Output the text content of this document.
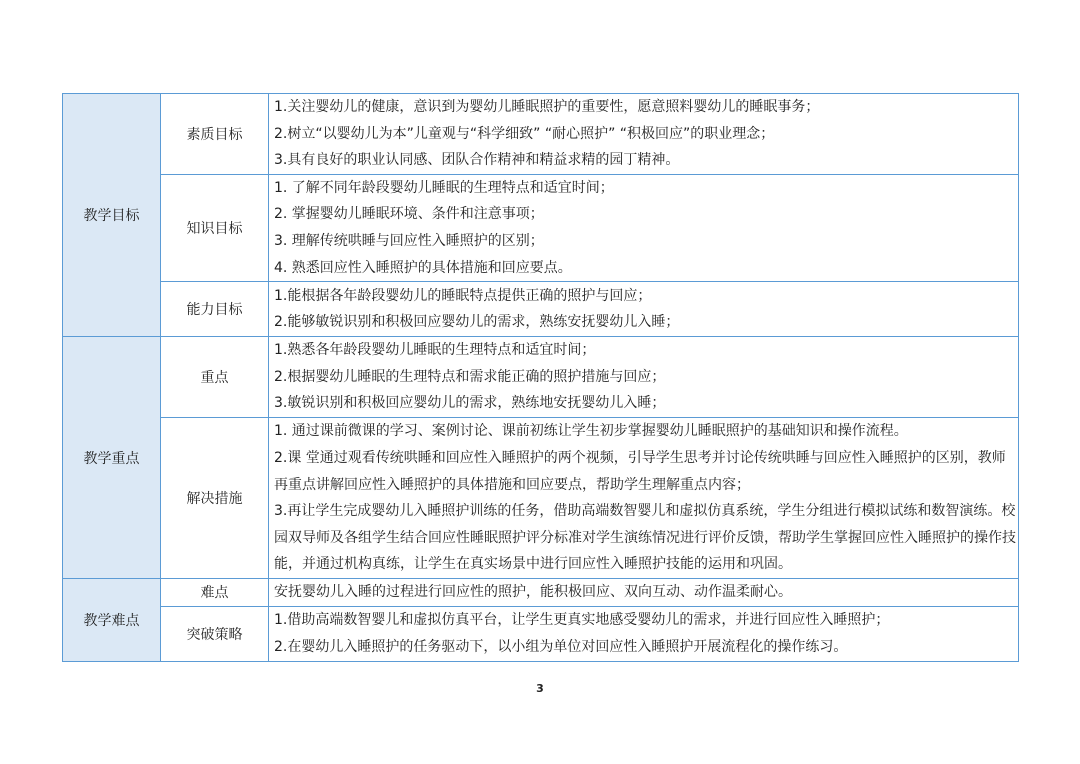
教学目标	素质目标	1.关注婴幼儿的健康，意识到为婴幼儿睡眠照护的重要性，愿意照料婴幼儿的睡眠事务；
2.树立“以婴幼儿为本”儿童观与“科学细致” “耐心照护” “积极回应”的职业理念；
3.具有良好的职业认同感、团队合作精神和精益求精的园丁精神。

	知识目标	1. 了解不同年龄段婴幼儿睡眠的生理特点和适宜时间；
2. 掌握婴幼儿睡眠环境、条件和注意事项；
3. 理解传统哄睡与回应性入睡照护的区别；
4. 熟悉回应性入睡照护的具体措施和回应要点。

	能力目标	1.能根据各年龄段婴幼儿的睡眠特点提供正确的照护与回应；
2.能够敏锐识别和积极回应婴幼儿的需求，熟练安抚婴幼儿入睡；

教学重点	重点	1.熟悉各年龄段婴幼儿睡眠的生理特点和适宜时间；
2.根据婴幼儿睡眠的生理特点和需求能正确的照护措施与回应；
3.敏锐识别和积极回应婴幼儿的需求，熟练地安抚婴幼儿入睡；

	解决措施	1. 通过课前微课的学习、案例讨论、课前初练让学生初步掌握婴幼儿睡眠照护的基础知识和操作流程。
2.课 堂通过观看传统哄睡和回应性入睡照护的两个视频，引导学生思考并讨论传统哄睡与回应性入睡照护的区别，教师再重点讲解回应性入睡照护的具体措施和回应要点，帮助学生理解重点内容；
3.再让学生完成婴幼儿入睡照护训练的任务，借助高端数智婴儿和虚拟仿真系统，学生分组进行模拟试练和数智演练。校园双导师及各组学生结合回应性睡眠照护评分标准对学生演练情况进行评价反馈，帮助学生掌握回应性入睡照护的操作技能，并通过机构真练，让学生在真实场景中进行回应性入睡照护技能的运用和巩固。

教学难点	难点	安抚婴幼儿入睡的过程进行回应性的照护，能积极回应、双向互动、动作温柔耐心。

	突破策略	1.借助高端数智婴儿和虚拟仿真平台，让学生更真实地感受婴幼儿的需求，并进行回应性入睡照护；
2.在婴幼儿入睡照护的任务驱动下，以小组为单位对回应性入睡照护开展流程化的操作练习。
3
